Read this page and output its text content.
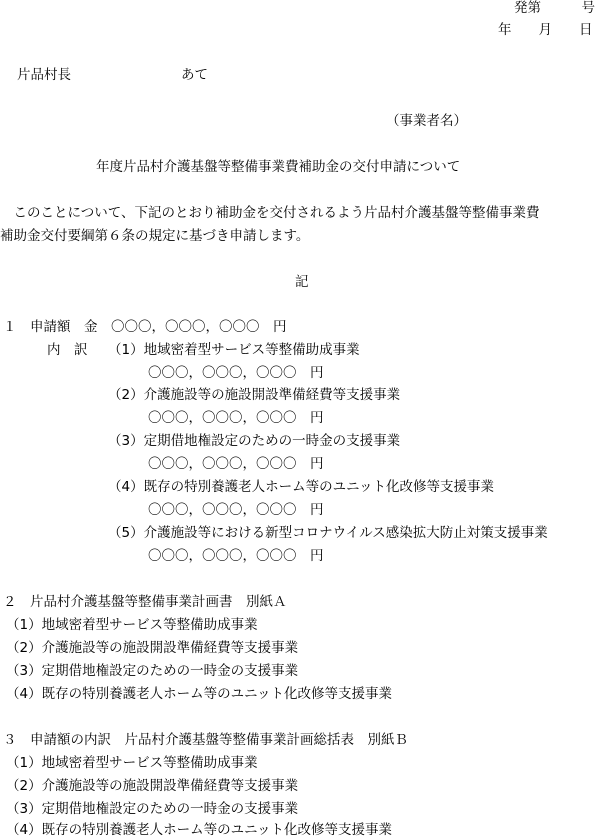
発第　　　号
年　　月　　日
片品村長	あて
（事業者名）
年度片品村介護基盤等整備事業費補助金の交付申請について
　このことについて、下記のとおり補助金を交付されるよう片品村介護基盤等整備事業費
補助金交付要綱第６条の規定に基づき申請します。
記
１　申請額　金　〇〇〇，〇〇〇，〇〇〇　円
内　訳 （1）地域密着型サービス等整備助成事業
〇〇〇，〇〇〇，〇〇〇　円
（2）介護施設等の施設開設準備経費等支援事業
〇〇〇，〇〇〇，〇〇〇　円
（3）定期借地権設定のための一時金の支援事業
〇〇〇，〇〇〇，〇〇〇　円
（4）既存の特別養護老人ホーム等のユニット化改修等支援事業
〇〇〇，〇〇〇，〇〇〇　円
（5）介護施設等における新型コロナウイルス感染拡大防止対策支援事業
〇〇〇，〇〇〇，〇〇〇　円
２　片品村介護基盤等整備事業計画書　別紙Ａ
（1）地域密着型サービス等整備助成事業
（2）介護施設等の施設開設準備経費等支援事業
（3）定期借地権設定のための一時金の支援事業
（4）既存の特別養護老人ホーム等のユニット化改修等支援事業
３　申請額の内訳　片品村介護基盤等整備事業計画総括表　別紙Ｂ
（1）地域密着型サービス等整備助成事業
（2）介護施設等の施設開設準備経費等支援事業
（3）定期借地権設定のための一時金の支援事業
（4）既存の特別養護老人ホーム等のユニット化改修等支援事業
